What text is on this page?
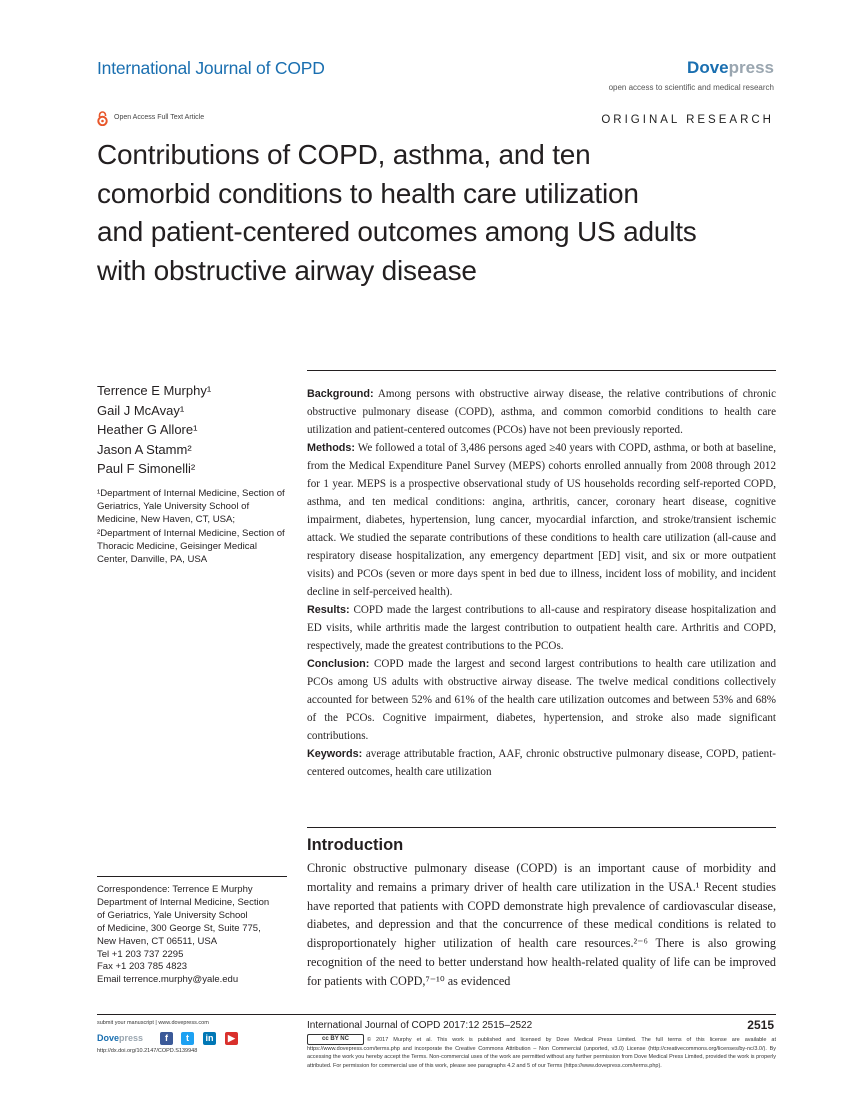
International Journal of COPD	Dovepress
open access to scientific and medical research
Open Access Full Text Article	ORIGINAL RESEARCH
Contributions of COPD, asthma, and ten
comorbid conditions to health care utilization
and patient-centered outcomes among US adults
with obstructive airway disease
Terrence E Murphy¹
Gail J McAvay¹
Heather G Allore¹
Jason A Stamm²
Paul F Simonelli²
¹Department of Internal Medicine, Section of Geriatrics, Yale University School of Medicine, New Haven, CT, USA; ²Department of Internal Medicine, Section of Thoracic Medicine, Geisinger Medical Center, Danville, PA, USA

Background: Among persons with obstructive airway disease, the relative contributions of chronic obstructive pulmonary disease (COPD), asthma, and common comorbid conditions to health care utilization and patient-centered outcomes (PCOs) have not been previously reported.

Methods: We followed a total of 3,486 persons aged ≥40 years with COPD, asthma, or both at baseline, from the Medical Expenditure Panel Survey (MEPS) cohorts enrolled annually from 2008 through 2012 for 1 year. MEPS is a prospective observational study of US households recording self-reported COPD, asthma, and ten medical conditions: angina, arthritis, cancer, coronary heart disease, cognitive impairment, diabetes, hypertension, lung cancer, myocardial infarction, and stroke/transient ischemic attack. We studied the separate contributions of these conditions to health care utilization (all-cause and respiratory disease hospitalization, any emergency department [ED] visit, and six or more outpatient visits) and PCOs (seven or more days spent in bed due to illness, incident loss of mobility, and incident decline in self-perceived health).

Results: COPD made the largest contributions to all-cause and respiratory disease hospitalization and ED visits, while arthritis made the largest contribution to outpatient health care. Arthritis and COPD, respectively, made the greatest contributions to the PCOs.

Conclusion: COPD made the largest and second largest contributions to health care utilization and PCOs among US adults with obstructive airway disease. The twelve medical conditions collectively accounted for between 52% and 61% of the health care utilization outcomes and between 53% and 68% of the PCOs. Cognitive impairment, diabetes, hypertension, and stroke also made significant contributions.

Keywords: average attributable fraction, AAF, chronic obstructive pulmonary disease, COPD, patient-centered outcomes, health care utilization

Introduction

Chronic obstructive pulmonary disease (COPD) is an important cause of morbidity and mortality and remains a primary driver of health care utilization in the USA.¹ Recent studies have reported that patients with COPD demonstrate high prevalence of cardiovascular disease, diabetes, and depression and that the concurrence of these medical conditions is related to disproportionately higher utilization of health care resources.²⁻⁶ There is also growing recognition of the need to better understand how health-related quality of life can be improved for patients with COPD,⁷⁻¹⁰ as evidenced

Correspondence: Terrence E Murphy
Department of Internal Medicine, Section
of Geriatrics, Yale University School
of Medicine, 300 George St, Suite 775,
New Haven, CT 06511, USA
Tel +1 203 737 2295
Fax +1 203 785 4823
Email terrence.murphy@yale.edu
submit your manuscript | www.dovepress.com
Dovepress	f	t	in	▶
http://dx.doi.org/10.2147/COPD.S139948
International Journal of COPD 2017:12 2515–2522	2515
cc BY NC	© 2017 Murphy et al. This work is published and licensed by Dove Medical Press Limited. The full terms of this license are available at https://www.dovepress.com/terms.php and incorporate the Creative Commons Attribution – Non Commercial (unported, v3.0) License (http://creativecommons.org/licenses/by-nc/3.0/). By accessing the work you hereby accept the Terms. Non-commercial uses of the work are permitted without any further permission from Dove Medical Press Limited, provided the work is properly attributed. For permission for commercial use of this work, please see paragraphs 4.2 and 5 of our Terms (https://www.dovepress.com/terms.php).
